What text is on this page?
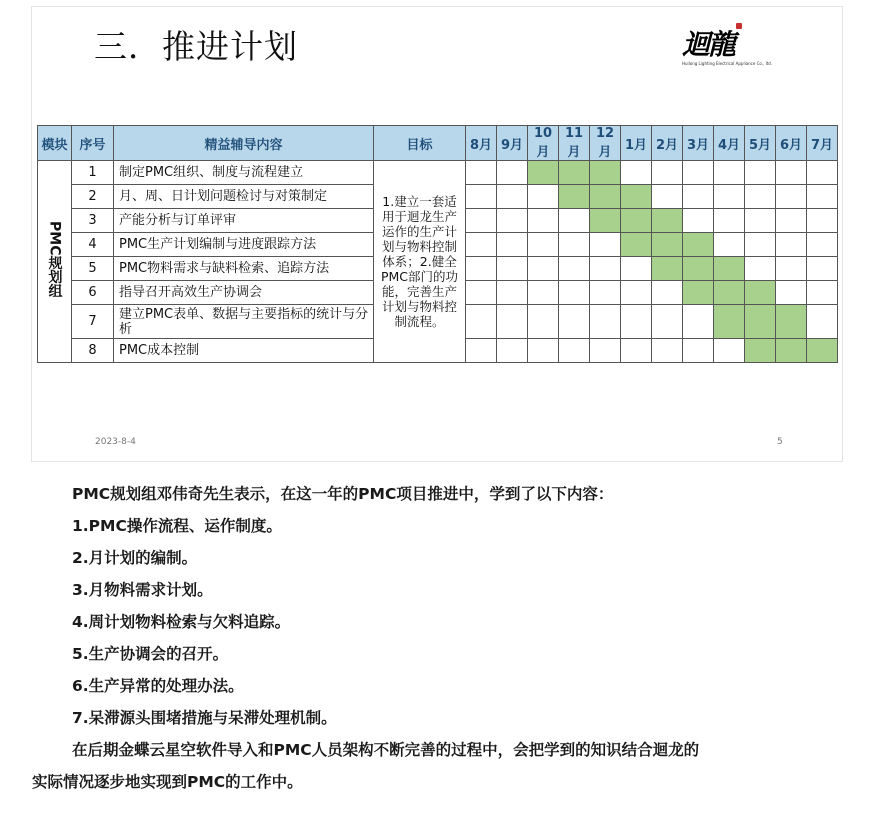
三．推进计划	迴龍
Huilong Lighting Electrical Appliance Co., ltd.
模块	序号	精益辅导内容	目标	8月	9月	10月	11月	12月	1月	2月	3月	4月	5月	6月	7月
PMC规划组	1	制定PMC组织、制度与流程建立	1.建立一套适用于迴龙生产运作的生产计划与物料控制体系；2.健全PMC部门的功能，完善生产计划与物料控制流程。												
	2	月、周、日计划问题检讨与对策制定													
	3	产能分析与订单评审													
	4	PMC生产计划编制与进度跟踪方法													
	5	PMC物料需求与缺料检索、追踪方法													
	6	指导召开高效生产协调会													
	7	建立PMC表单、数据与主要指标的统计与分析													
	8	PMC成本控制													
2023-8-4	5

PMC规划组邓伟奇先生表示，在这一年的PMC项目推进中，学到了以下内容：

1.PMC操作流程、运作制度。

2.月计划的编制。

3.月物料需求计划。

4.周计划物料检索与欠料追踪。

5.生产协调会的召开。

6.生产异常的处理办法。

7.呆滞源头围堵措施与呆滞处理机制。

在后期金蝶云星空软件导入和PMC人员架构不断完善的过程中，会把学到的知识结合迴龙的

实际情况逐步地实现到PMC的工作中。
